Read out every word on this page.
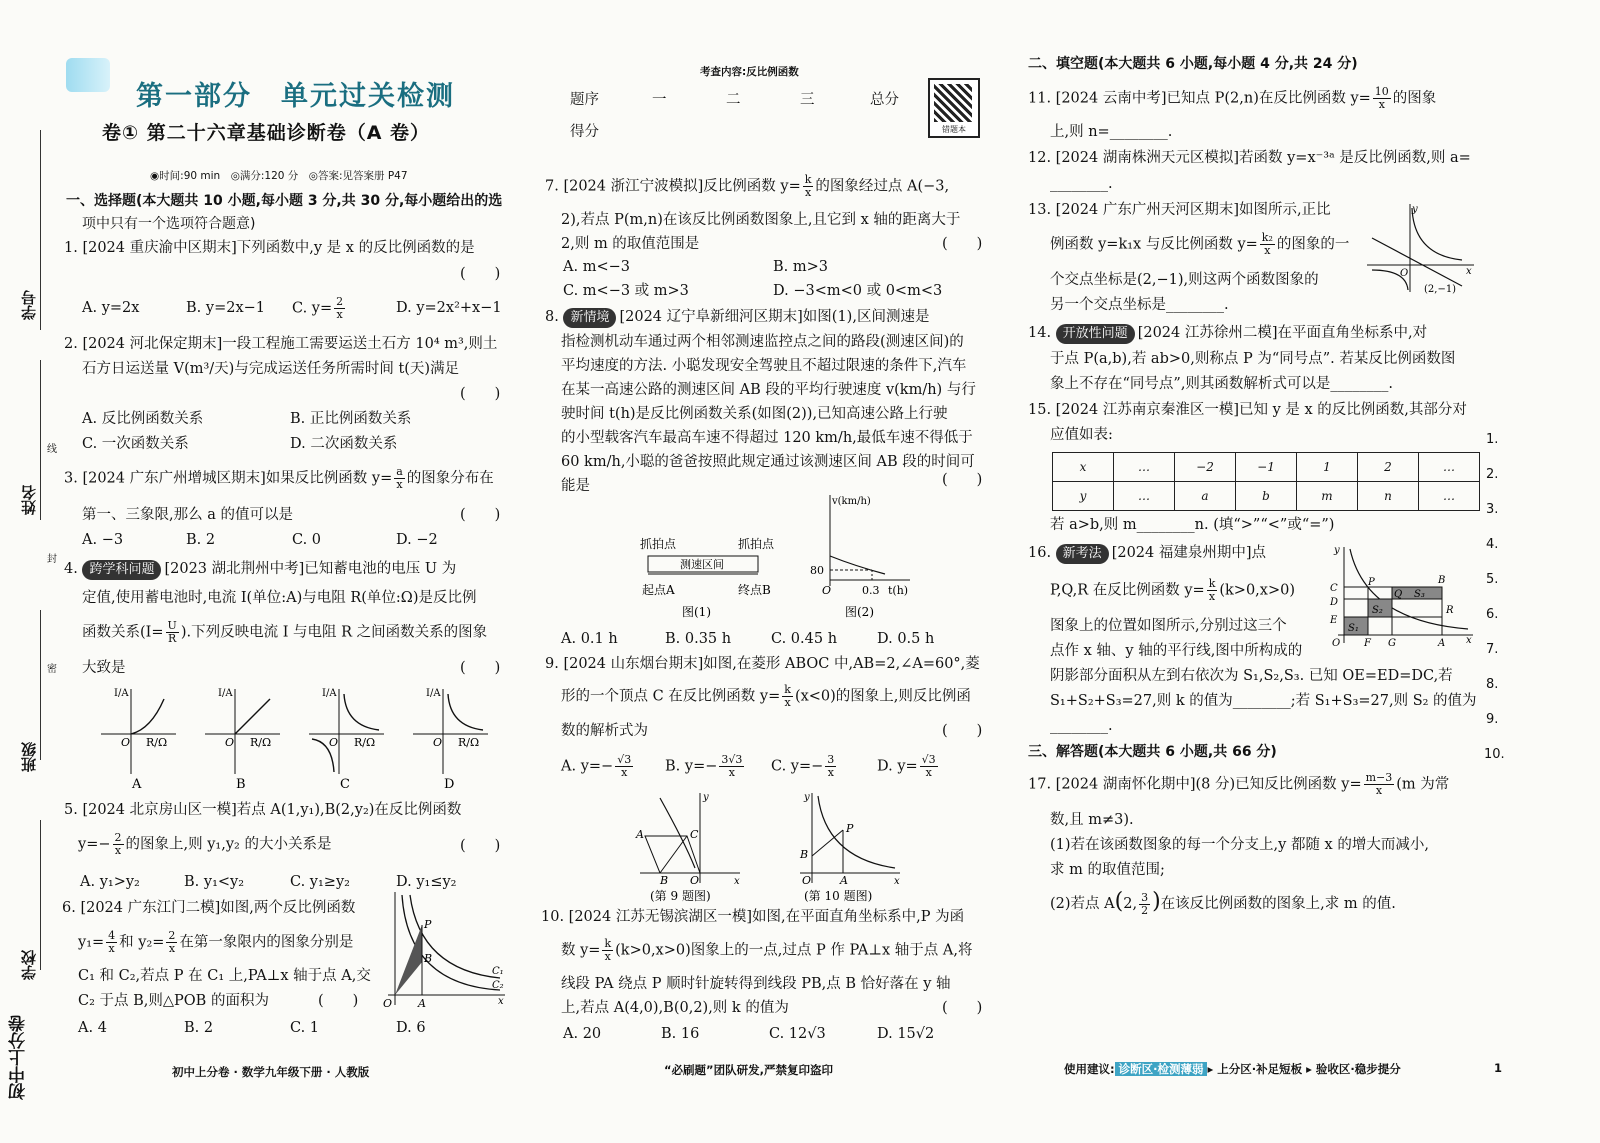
学号
姓名
班级
学校
线
封
密
初中上分卷
第一部分　单元过关检测
卷① 第二十六章基础诊断卷（A 卷）
◉时间:90 min　◎满分:120 分　◎答案:见答案册 P47
一、选择题(本大题共 10 小题,每小题 3 分,共 30 分,每小题给出的选
项中只有一个选项符合题意)
1. [2024 重庆渝中区期末]下列函数中,y 是 x 的反比例函数的是
(　　)
A. y=2x	B. y=2x−1 C. $y= \frac{2}{x}$	D. y=2x²+x−1
2. [2024 河北保定期末]一段工程施工需要运送土石方 10⁴ m³,则土
石方日运送量 V(m³/天)与完成运送任务所需时间 t(天)满足
(　　)
A. 反比例函数关系	B. 正比例函数关系
C. 一次函数关系	D. 二次函数关系
3. [2024 广东广州增城区期末]如果反比例函数 $y= \frac{a}{x}$ 的图象分布在
第一、三象限,那么 a 的值可以是	(　　)
A. −3	B. 2	C. 0	D. −2
4. 跨学科问题 [2023 湖北荆州中考]已知蓄电池的电压 U 为
定值,使用蓄电池时,电流 I(单位:A)与电阻 R(单位:Ω)是反比例
函数关系($I= \frac{U}{R}$ ).下列反映电流 I 与电阻 R 之间函数关系的图象
大致是	(　　)
I/A
O R/Ω
A
I/A
O R/Ω
B
I/A
O R/Ω
C
I/A
O R/Ω
D
5. [2024 北京房山区一模]若点 A(1,y₁),B(2,y₂)在反比例函数
$y=- \frac{2}{x}$ 的图象上,则 y₁,y₂ 的大小关系是	(　　)
A. y₁>y₂	B. y₁<y₂	C. y₁≥y₂	D. y₁≤y₂
6. [2024 广东江门二模]如图,两个反比例函数
$y_1= \frac{4}{x}$ 和 $y_2= \frac{2}{x}$ 在第一象限内的图象分别是
C₁ 和 C₂,若点 P 在 C₁ 上,PA⊥x 轴于点 A,交
C₂ 于点 B,则△POB 的面积为	(　　)
A. 4	B. 2	C. 1	D. 6
P
B
A
O
C₁
C₂
x
初中上分卷 · 数学九年级下册 · 人教版
考查内容:反比例函数
题序	一	二	三	总分
得分	错题本
7. [2024 浙江宁波模拟]反比例函数 $y= \frac{k}{x}$ 的图象经过点 A(−3,
2),若点 P(m,n)在该反比例函数图象上,且它到 x 轴的距离大于
2,则 m 的取值范围是	(　　)
A. m<−3	B. m>3
C. m<−3 或 m>3	D. −3<m<0 或 0<m<3
8. 新情境 [2024 辽宁阜新细河区期末]如图(1),区间测速是
指检测机动车通过两个相邻测速监控点之间的路段(测速区间)的
平均速度的方法. 小聪发现安全驾驶且不超过限速的条件下,汽车
在某一高速公路的测速区间 AB 段的平均行驶速度 v(km/h) 与行
驶时间 t(h)是反比例函数关系(如图(2)),已知高速公路上行驶
的小型载客汽车最高车速不得超过 120 km/h,最低车速不得低于
60 km/h,小聪的爸爸按照此规定通过该测速区间 AB 段的时间可
能是	(　　)
抓拍点	抓拍点
测速区间
起点A	终点B
图(1)
v(km/h)
80
O	0.3 t(h)
图(2)
A. 0.1 h	B. 0.35 h	C. 0.45 h	D. 0.5 h
9. [2024 山东烟台期末]如图,在菱形 ABOC 中,AB=2,∠A=60°,菱
形的一个顶点 C 在反比例函数 $y= \frac{k}{x} (x<0)$的图象上,则反比例函
数的解析式为	(　　)
A. $y=- \frac{√3}{x} B$. $y=- \frac{3√3}{x} C$. $y=- \frac{3}{x}$	D. $y= \frac{√3}{x}$
A	C
B O	x
y
(第 9 题图)
P
B
O	A	x
y
(第 10 题图)
10. [2024 江苏无锡滨湖区一模]如图,在平面直角坐标系中,P 为函
数 $y= \frac{k}{x} (k>0,x>0)$图象上的一点,过点 P 作 PA⊥x 轴于点 A,将
线段 PA 绕点 P 顺时针旋转得到线段 PB,点 B 恰好落在 y 轴
上,若点 A(4,0),B(0,2),则 k 的值为	(　　)
A. 20	B. 16	C. 12√3	D. 15√2
“必刷题”团队研发,严禁复印盗印
二、填空题(本大题共 6 小题,每小题 4 分,共 24 分)
11. [2024 云南中考]已知点 P(2,n)在反比例函数 $y= \frac{10}{x}$ 的图象
上,则 n=________.
12. [2024 湖南株洲天元区模拟]若函数 y=x⁻³ᵃ 是反比例函数,则 a=
________.
13. [2024 广东广州天河区期末]如图所示,正比
例函数 y=k₁x 与反比例函数 $y= \frac{\text{k₂}}{x}$ 的图象的一
个交点坐标是(2,−1),则这两个函数图象的
另一个交点坐标是________.
y
O	x
(2,−1)
14. 开放性问题 [2024 江苏徐州二模]在平面直角坐标系中,对
于点 P(a,b),若 ab>0,则称点 P 为“同号点”. 若某反比例函数图
象上不存在“同号点”,则其函数解析式可以是________.
15. [2024 江苏南京秦淮区一模]已知 y 是 x 的反比例函数,其部分对
应值如表:
x	…	−2	−1	1	2	…
y	…	a	b	m	n	…
若 a>b,则 m________n. (填“>”“<”或“=”)
16. 新考法 [2024 福建泉州期中]点
P,Q,R 在反比例函数 $y= \frac{k}{x} (k>0,x>0)$
图象上的位置如图所示,分别过这三个
点作 x 轴、y 轴的平行线,图中所构成的
阴影部分面积从左到右依次为 S₁,S₂,S₃. 已知 OE=ED=DC,若
S₁+S₂+S₃=27,则 k 的值为________;若 S₁+S₃=27,则 S₂ 的值为
________.
y
C
D
E
O F G	A x
P
Q
R
B
S₁
S₂
S₃
三、解答题(本大题共 6 小题,共 66 分)
17. [2024 湖南怀化期中](8 分)已知反比例函数 $y= \frac{m-3}{x} (m$ 为常
数,且 m≠3).
(1)若在该函数图象的每一个分支上,y 都随 x 的增大而减小,
求 m 的取值范围;
(2)若点 A(2, $\frac{3}{2}$ )在该反比例函数的图象上,求 m 的值.
1.
2.
3.
4.
5.
6.
7.
8.
9.
10.
使用建议: 诊断区·检测薄弱 ▸ 上分区·补足短板 ▸ 验收区·稳步提分	1
